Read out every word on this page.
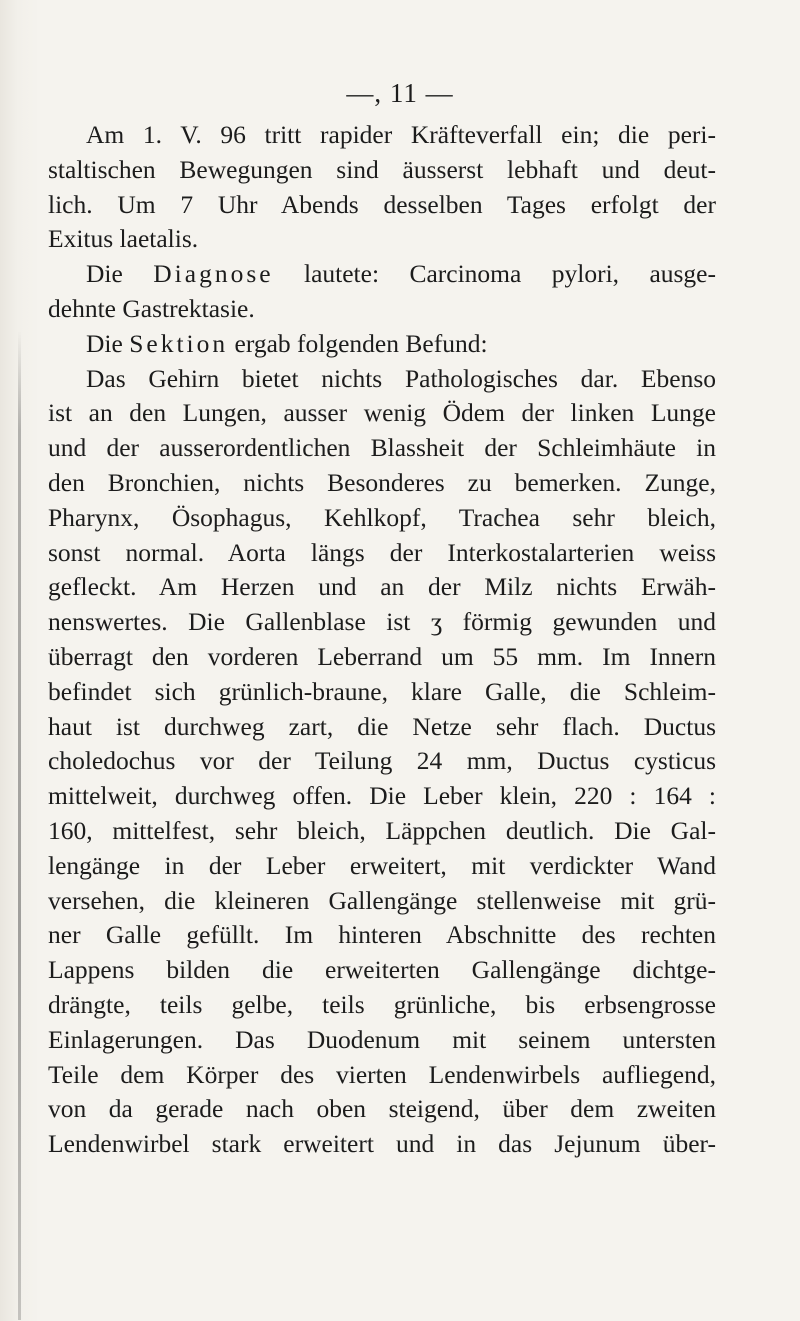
—, 11 —
Am 1. V. 96 tritt rapider Kräfteverfall ein; die peri-
staltischen Bewegungen sind äusserst lebhaft und deut-
lich. Um 7 Uhr Abends desselben Tages erfolgt der
Exitus laetalis.
Die Diagnose lautete: Carcinoma pylori, ausge-
dehnte Gastrektasie.
Die Sektion ergab folgenden Befund:
Das Gehirn bietet nichts Pathologisches dar. Ebenso
ist an den Lungen, ausser wenig Ödem der linken Lunge
und der ausserordentlichen Blassheit der Schleimhäute in
den Bronchien, nichts Besonderes zu bemerken. Zunge,
Pharynx, Ösophagus, Kehlkopf, Trachea sehr bleich,
sonst normal. Aorta längs der Interkostalarterien weiss
gefleckt. Am Herzen und an der Milz nichts Erwäh-
nenswertes. Die Gallenblase ist ʒ förmig gewunden und
überragt den vorderen Leberrand um 55 mm. Im Innern
befindet sich grünlich-braune, klare Galle, die Schleim-
haut ist durchweg zart, die Netze sehr flach. Ductus
choledochus vor der Teilung 24 mm, Ductus cysticus
mittelweit, durchweg offen. Die Leber klein, 220 : 164 :
160, mittelfest, sehr bleich, Läppchen deutlich. Die Gal-
lengänge in der Leber erweitert, mit verdickter Wand
versehen, die kleineren Gallengänge stellenweise mit grü-
ner Galle gefüllt. Im hinteren Abschnitte des rechten
Lappens bilden die erweiterten Gallengänge dichtge-
drängte, teils gelbe, teils grünliche, bis erbsengrosse
Einlagerungen. Das Duodenum mit seinem untersten
Teile dem Körper des vierten Lendenwirbels aufliegend,
von da gerade nach oben steigend, über dem zweiten
Lendenwirbel stark erweitert und in das Jejunum über-
